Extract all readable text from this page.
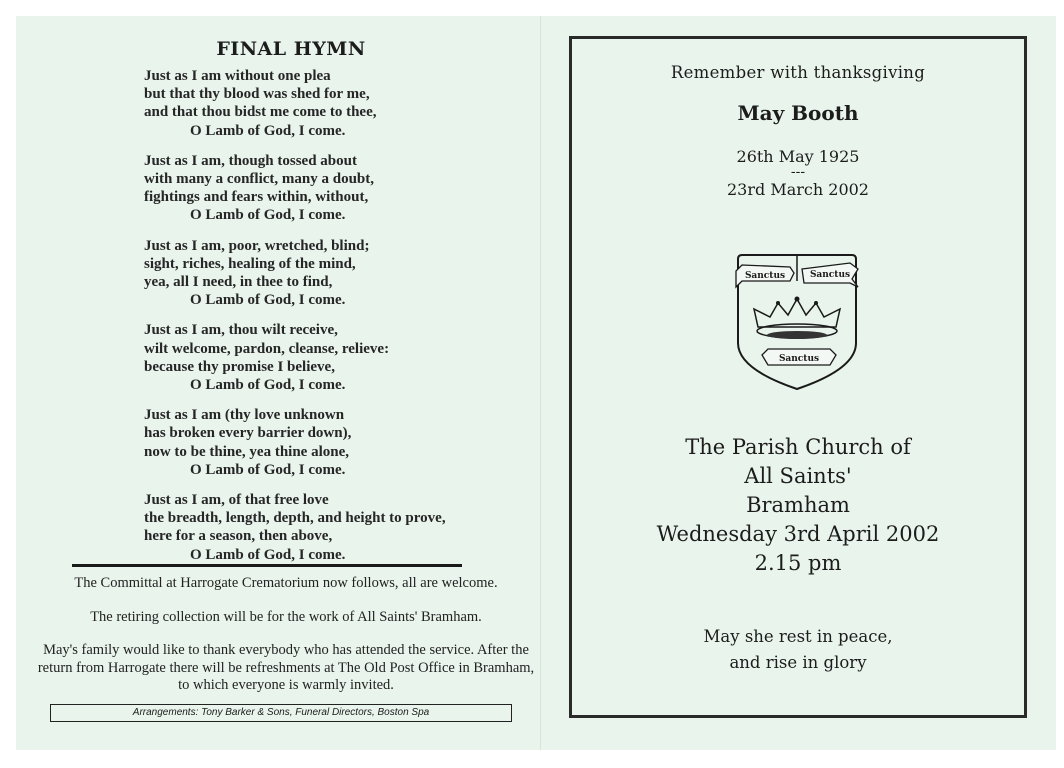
FINAL HYMN
Just as I am without one plea
but that thy blood was shed for me,
and that thou bidst me come to thee,
O Lamb of God, I come.
Just as I am, though tossed about
with many a conflict, many a doubt,
fightings and fears within, without,
O Lamb of God, I come.
Just as I am, poor, wretched, blind;
sight, riches, healing of the mind,
yea, all I need, in thee to find,
O Lamb of God, I come.
Just as I am, thou wilt receive,
wilt welcome, pardon, cleanse, relieve:
because thy promise I believe,
O Lamb of God, I come.
Just as I am (thy love unknown
has broken every barrier down),
now to be thine, yea thine alone,
O Lamb of God, I come.
Just as I am, of that free love
the breadth, length, depth, and height to prove,
here for a season, then above,
O Lamb of God, I come.

The Committal at Harrogate Crematorium now follows, all are welcome.

The retiring collection will be for the work of All Saints' Bramham.

May's family would like to thank everybody who has attended the service. After the return from Harrogate there will be refreshments at The Old Post Office in Bramham, to which everyone is warmly invited.

Arrangements: Tony Barker & Sons, Funeral Directors, Boston Spa
Remember with thanksgiving
May Booth
26th May 1925
---
23rd March 2002
Sanctus	Sanctus
Sanctus
The Parish Church of
All Saints'
Bramham
Wednesday 3rd April 2002
2.15 pm
May she rest in peace,
and rise in glory
